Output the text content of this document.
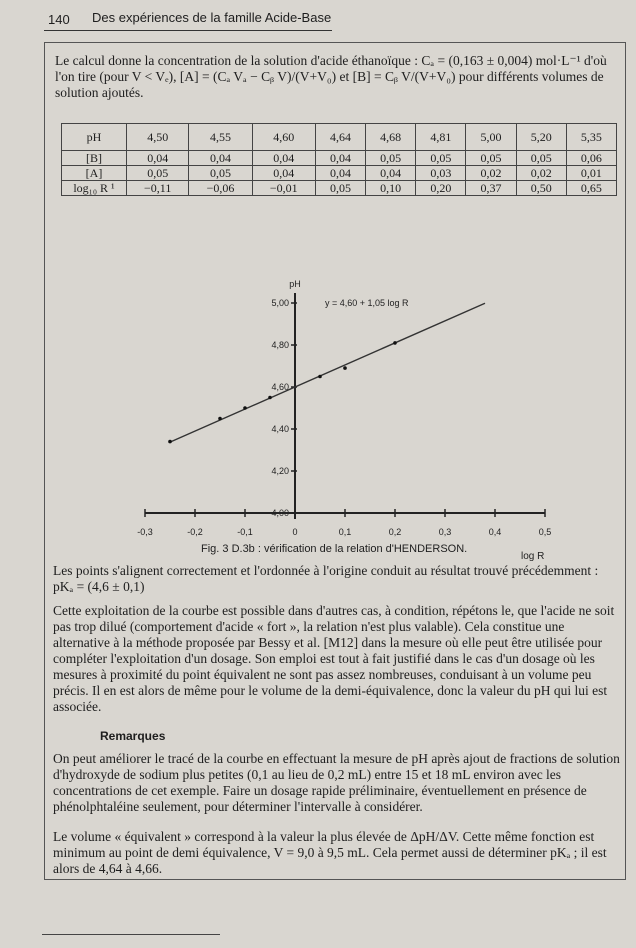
140 Des expériences de la famille Acide-Base
Le calcul donne la concentration de la solution d'acide éthanoïque : Cₐ = (0,163 ± 0,004) mol·L⁻¹ d'où l'on tire (pour V < Vₑ), [A] = (Cₐ Vₐ − Cᵦ V)/(V+V₀) et [B] = Cᵦ V/(V+V₀) pour différents volumes de solution ajoutés.
pH	4,50	4,55	4,60	4,64	4,68	4,81	5,00	5,20	5,35
[B]	0,04	0,04	0,04	0,04	0,05	0,05	0,05	0,05	0,06
[A]	0,05	0,05	0,04	0,04	0,04	0,03	0,02	0,02	0,01
log₁₀ R ¹	−0,11	−0,06	−0,01	0,05	0,10	0,20	0,37	0,50	0,65
-0,3	-0,2	-0,1	0	0,1	0,2	0,3	0,4	0,5
4,00
4,20
4,40
4,60
4,80
5,00
pH
log R
y = 4,60 + 1,05 log R
Fig. 3 D.3b : vérification de la relation d'HENDERSON.
Les points s'alignent correctement et l'ordonnée à l'origine conduit au résultat trouvé précédemment : pKₐ = (4,6 ± 0,1)
Cette exploitation de la courbe est possible dans d'autres cas, à condition, répétons le, que l'acide ne soit pas trop dilué (comportement d'acide « fort », la relation n'est plus valable). Cela constitue une alternative à la méthode proposée par Bessy et al. [M12] dans la mesure où elle peut être utilisée pour compléter l'exploitation d'un dosage. Son emploi est tout à fait justifié dans le cas d'un dosage où les mesures à proximité du point équivalent ne sont pas assez nombreuses, conduisant à un volume peu précis. Il en est alors de même pour le volume de la demi-équivalence, donc la valeur du pH qui lui est associée.
Remarques
On peut améliorer le tracé de la courbe en effectuant la mesure de pH après ajout de fractions de solution d'hydroxyde de sodium plus petites (0,1 au lieu de 0,2 mL) entre 15 et 18 mL environ avec les concentrations de cet exemple. Faire un dosage rapide préliminaire, éventuellement en présence de phénolphtaléine seulement, pour déterminer l'intervalle à considérer.
Le volume « équivalent » correspond à la valeur la plus élevée de ΔpH/ΔV. Cette même fonction est minimum au point de demi équivalence, V = 9,0 à 9,5 mL. Cela permet aussi de déterminer pKₐ ; il est alors de 4,64 à 4,66.
